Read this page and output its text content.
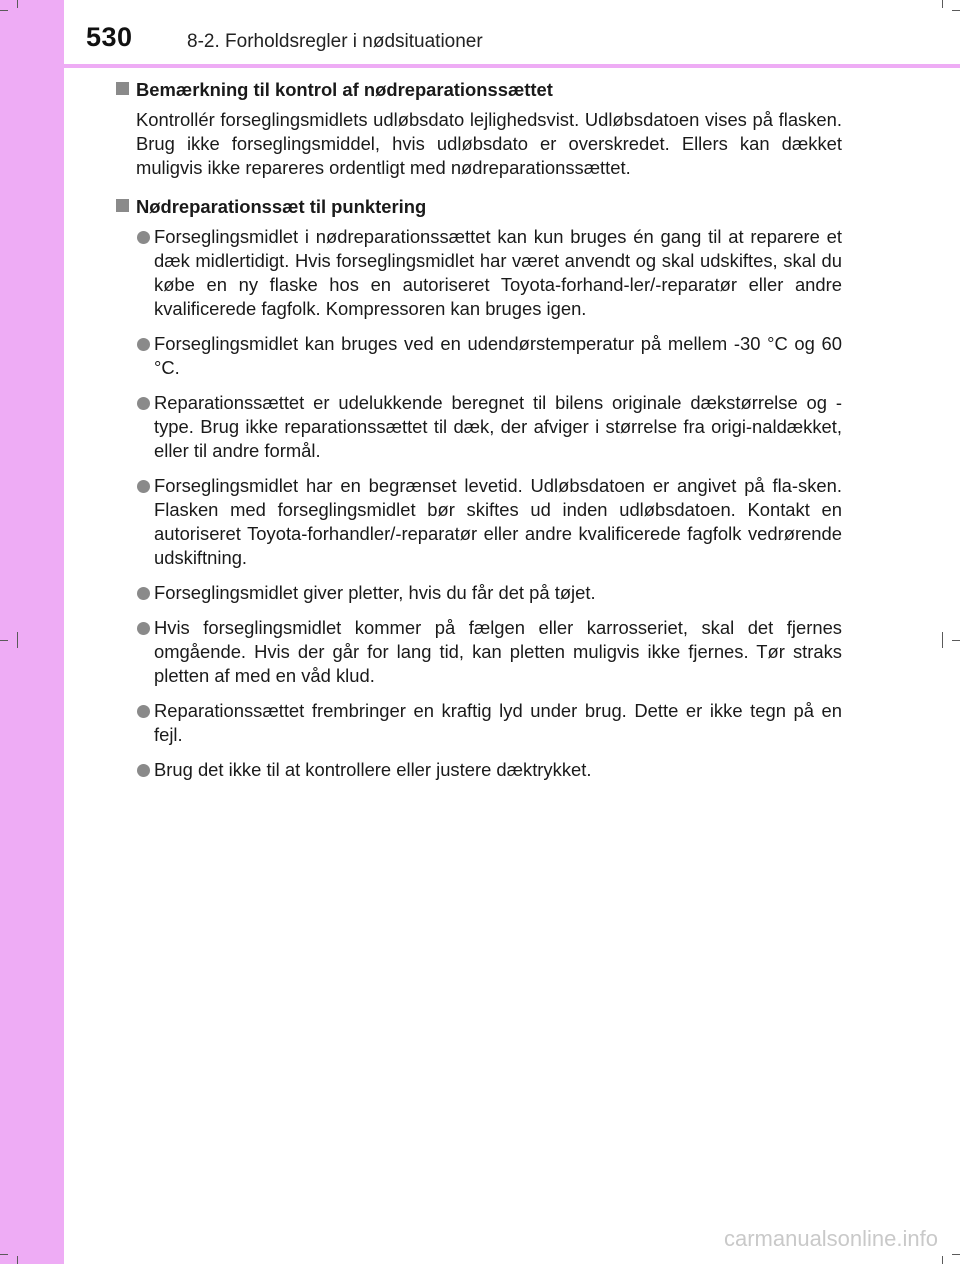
530	8-2. Forholdsregler i nødsituationer
Bemærkning til kontrol af nødreparationssættet

Kontrollér forseglingsmidlets udløbsdato lejlighedsvist. Udløbsdatoen vises på flasken. Brug ikke forseglingsmiddel, hvis udløbsdato er overskredet. Ellers kan dækket muligvis ikke repareres ordentligt med nødreparationssættet.

Nødreparationssæt til punktering
Forseglingsmidlet i nødreparationssættet kan kun bruges én gang til at reparere et dæk midlertidigt. Hvis forseglingsmidlet har været anvendt og skal udskiftes, skal du købe en ny flaske hos en autoriseret Toyota-forhand-ler/-reparatør eller andre kvalificerede fagfolk. Kompressoren kan bruges igen.
Forseglingsmidlet kan bruges ved en udendørstemperatur på mellem -30 °C og 60 °C.
Reparationssættet er udelukkende beregnet til bilens originale dækstørrelse og -type. Brug ikke reparationssættet til dæk, der afviger i størrelse fra origi-naldækket, eller til andre formål.
Forseglingsmidlet har en begrænset levetid. Udløbsdatoen er angivet på fla-sken. Flasken med forseglingsmidlet bør skiftes ud inden udløbsdatoen. Kontakt en autoriseret Toyota-forhandler/-reparatør eller andre kvalificerede fagfolk vedrørende udskiftning.
Forseglingsmidlet giver pletter, hvis du får det på tøjet.
Hvis forseglingsmidlet kommer på fælgen eller karrosseriet, skal det fjernes omgående. Hvis der går for lang tid, kan pletten muligvis ikke fjernes. Tør straks pletten af med en våd klud.
Reparationssættet frembringer en kraftig lyd under brug. Dette er ikke tegn på en fejl.
Brug det ikke til at kontrollere eller justere dæktrykket.
carmanualsonline.info
